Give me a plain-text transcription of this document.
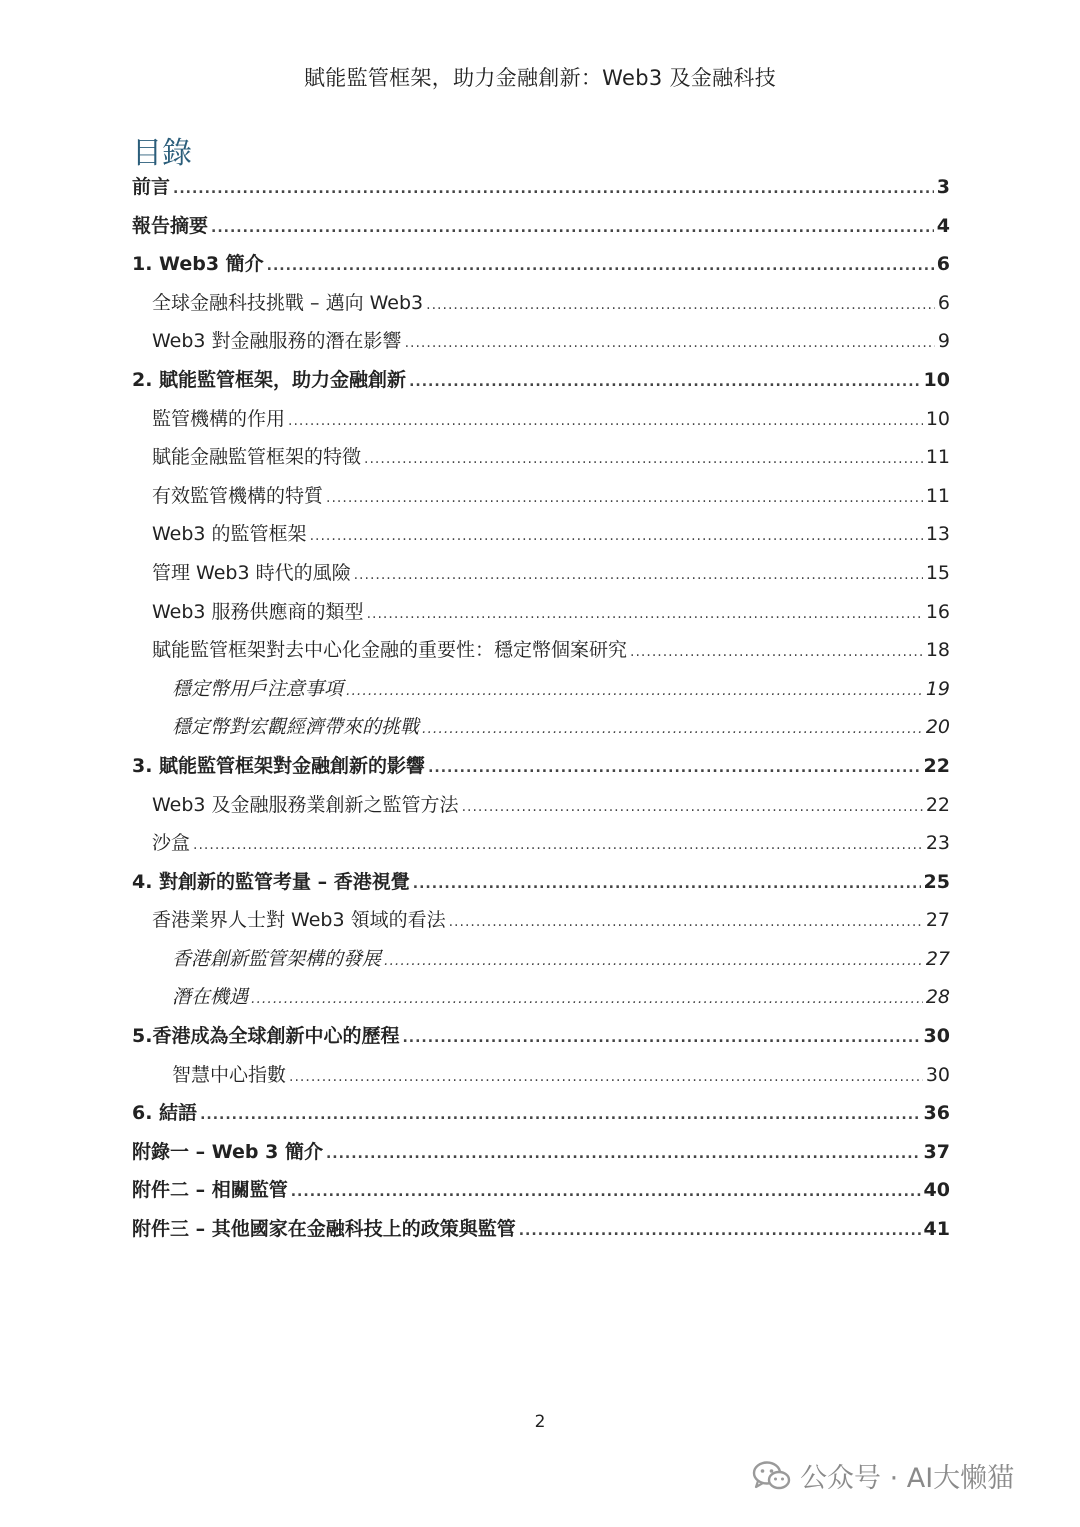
賦能監管框架，助力金融創新：Web3 及金融科技
目錄
前言 .....	3
報告摘要 .....	4
1. Web3 簡介 .....	6
全球金融科技挑戰 – 邁向 Web3 .....	6
Web3 對金融服務的潛在影響 .....	9
2. 賦能監管框架，助力金融創新 .....	10
監管機構的作用 .....	10
賦能金融監管框架的特徵 .....	11
有效監管機構的特質 .....	11
Web3 的監管框架 .....	13
管理 Web3 時代的風險 .....	15
Web3 服務供應商的類型 .....	16
賦能監管框架對去中心化金融的重要性：穩定幣個案研究 .....	18
穩定幣用戶注意事項 .....	19
穩定幣對宏觀經濟帶來的挑戰 .....	20
3. 賦能監管框架對金融創新的影響 .....	22
Web3 及金融服務業創新之監管方法 .....	22
沙盒 .....	23
4. 對創新的監管考量 – 香港視覺 .....	25
香港業界人士對 Web3 領域的看法 .....	27
香港創新監管架構的發展 .....	27
潛在機遇 .....	28
5.香港成為全球創新中心的歷程 .....	30
智慧中心指數 .....	30
6. 結語 .....	36
附錄一 – Web 3 簡介 .....	37
附件二 – 相關監管 .....	40
附件三 – 其他國家在金融科技上的政策與監管 .....	41
2
公众号 · AI大懒猫
